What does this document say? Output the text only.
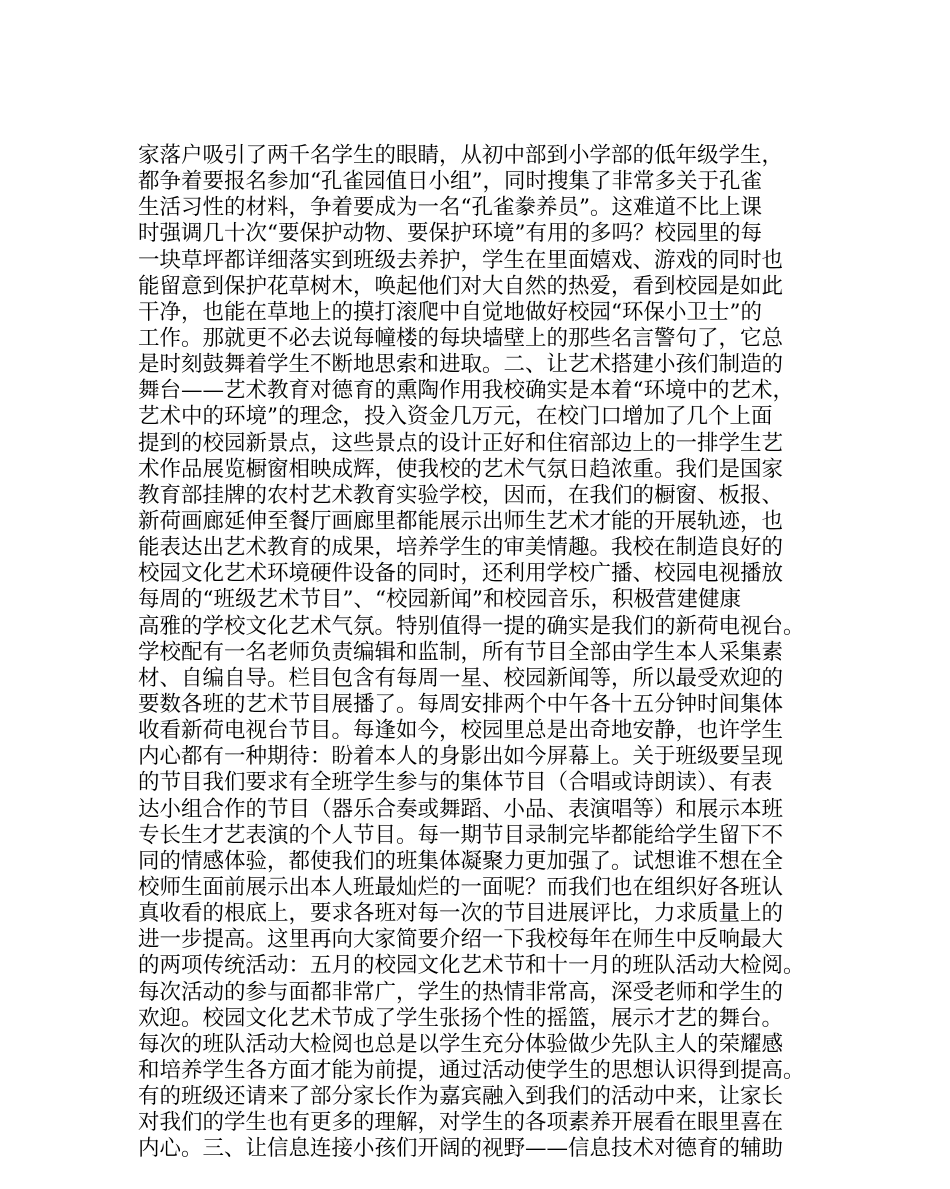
家落户吸引了两千名学生的眼睛，从初中部到小学部的低年级学生，
都争着要报名参加“孔雀园值日小组”，同时搜集了非常多关于孔雀
生活习性的材料，争着要成为一名“孔雀豢养员”。这难道不比上课
时强调几十次“要保护动物、要保护环境”有用的多吗？校园里的每
一块草坪都详细落实到班级去养护，学生在里面嬉戏、游戏的同时也
能留意到保护花草树木，唤起他们对大自然的热爱，看到校园是如此
干净，也能在草地上的摸打滚爬中自觉地做好校园“环保小卫士”的
工作。那就更不必去说每幢楼的每块墙壁上的那些名言警句了，它总
是时刻鼓舞着学生不断地思索和进取。二、让艺术搭建小孩们制造的
舞台——艺术教育对德育的熏陶作用我校确实是本着“环境中的艺术，
艺术中的环境”的理念，投入资金几万元，在校门口增加了几个上面
提到的校园新景点，这些景点的设计正好和住宿部边上的一排学生艺
术作品展览橱窗相映成辉，使我校的艺术气氛日趋浓重。我们是国家
教育部挂牌的农村艺术教育实验学校，因而，在我们的橱窗、板报、
新荷画廊延伸至餐厅画廊里都能展示出师生艺术才能的开展轨迹，也
能表达出艺术教育的成果，培养学生的审美情趣。我校在制造良好的
校园文化艺术环境硬件设备的同时，还利用学校广播、校园电视播放
每周的“班级艺术节目”、“校园新闻”和校园音乐，积极营建健康
高雅的学校文化艺术气氛。特别值得一提的确实是我们的新荷电视台。
学校配有一名老师负责编辑和监制，所有节目全部由学生本人采集素
材、自编自导。栏目包含有每周一星、校园新闻等，所以最受欢迎的
要数各班的艺术节目展播了。每周安排两个中午各十五分钟时间集体
收看新荷电视台节目。每逢如今，校园里总是出奇地安静，也许学生
内心都有一种期待：盼着本人的身影出如今屏幕上。关于班级要呈现
的节目我们要求有全班学生参与的集体节目（合唱或诗朗读）、有表
达小组合作的节目（器乐合奏或舞蹈、小品、表演唱等）和展示本班
专长生才艺表演的个人节目。每一期节目录制完毕都能给学生留下不
同的情感体验，都使我们的班集体凝聚力更加强了。试想谁不想在全
校师生面前展示出本人班最灿烂的一面呢？而我们也在组织好各班认
真收看的根底上，要求各班对每一次的节目进展评比，力求质量上的
进一步提高。这里再向大家简要介绍一下我校每年在师生中反响最大
的两项传统活动：五月的校园文化艺术节和十一月的班队活动大检阅。
每次活动的参与面都非常广，学生的热情非常高，深受老师和学生的
欢迎。校园文化艺术节成了学生张扬个性的摇篮，展示才艺的舞台。
每次的班队活动大检阅也总是以学生充分体验做少先队主人的荣耀感
和培养学生各方面才能为前提，通过活动使学生的思想认识得到提高。
有的班级还请来了部分家长作为嘉宾融入到我们的活动中来，让家长
对我们的学生也有更多的理解，对学生的各项素养开展看在眼里喜在
内心。三、让信息连接小孩们开阔的视野——信息技术对德育的辅助
